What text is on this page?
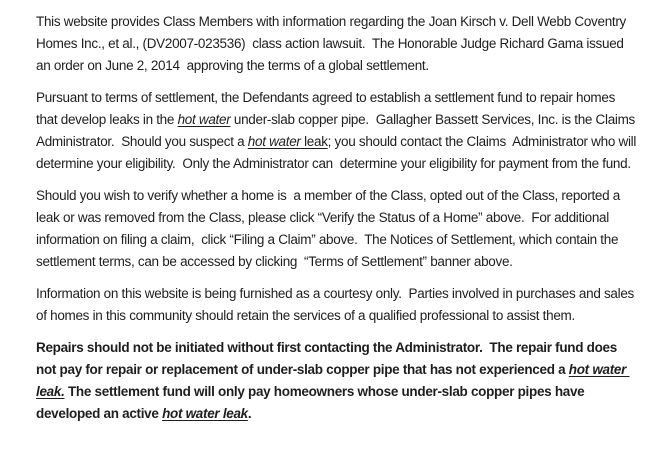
This website provides Class Members with information regarding the Joan Kirsch v. Dell Webb Coventry Homes Inc., et al., (DV2007-023536)  class action lawsuit.  The Honorable Judge Richard Gama issued an order on June 2, 2014  approving the terms of a global settlement.

Pursuant to terms of settlement, the Defendants agreed to establish a settlement fund to repair homes that develop leaks in the hot water under-slab copper pipe.  Gallagher Bassett Services, Inc. is the Claims Administrator.  Should you suspect a hot water leak; you should contact the Claims  Administrator who will determine your eligibility.  Only the Administrator can  determine your eligibility for payment from the fund.

Should you wish to verify whether a home is  a member of the Class, opted out of the Class, reported a leak or was removed from the Class, please click “Verify the Status of a Home” above.  For additional information on filing a claim,  click “Filing a Claim” above.  The Notices of Settlement, which contain the settlement terms, can be accessed by clicking  “Terms of Settlement” banner above.

Information on this website is being furnished as a courtesy only.  Parties involved in purchases and sales of homes in this community should retain the services of a qualified professional to assist them.

Repairs should not be initiated without first contacting the Administrator.  The repair fund does not pay for repair or replacement of under-slab copper pipe that has not experienced a hot water leak. The settlement fund will only pay homeowners whose under-slab copper pipes have developed an active hot water leak.
